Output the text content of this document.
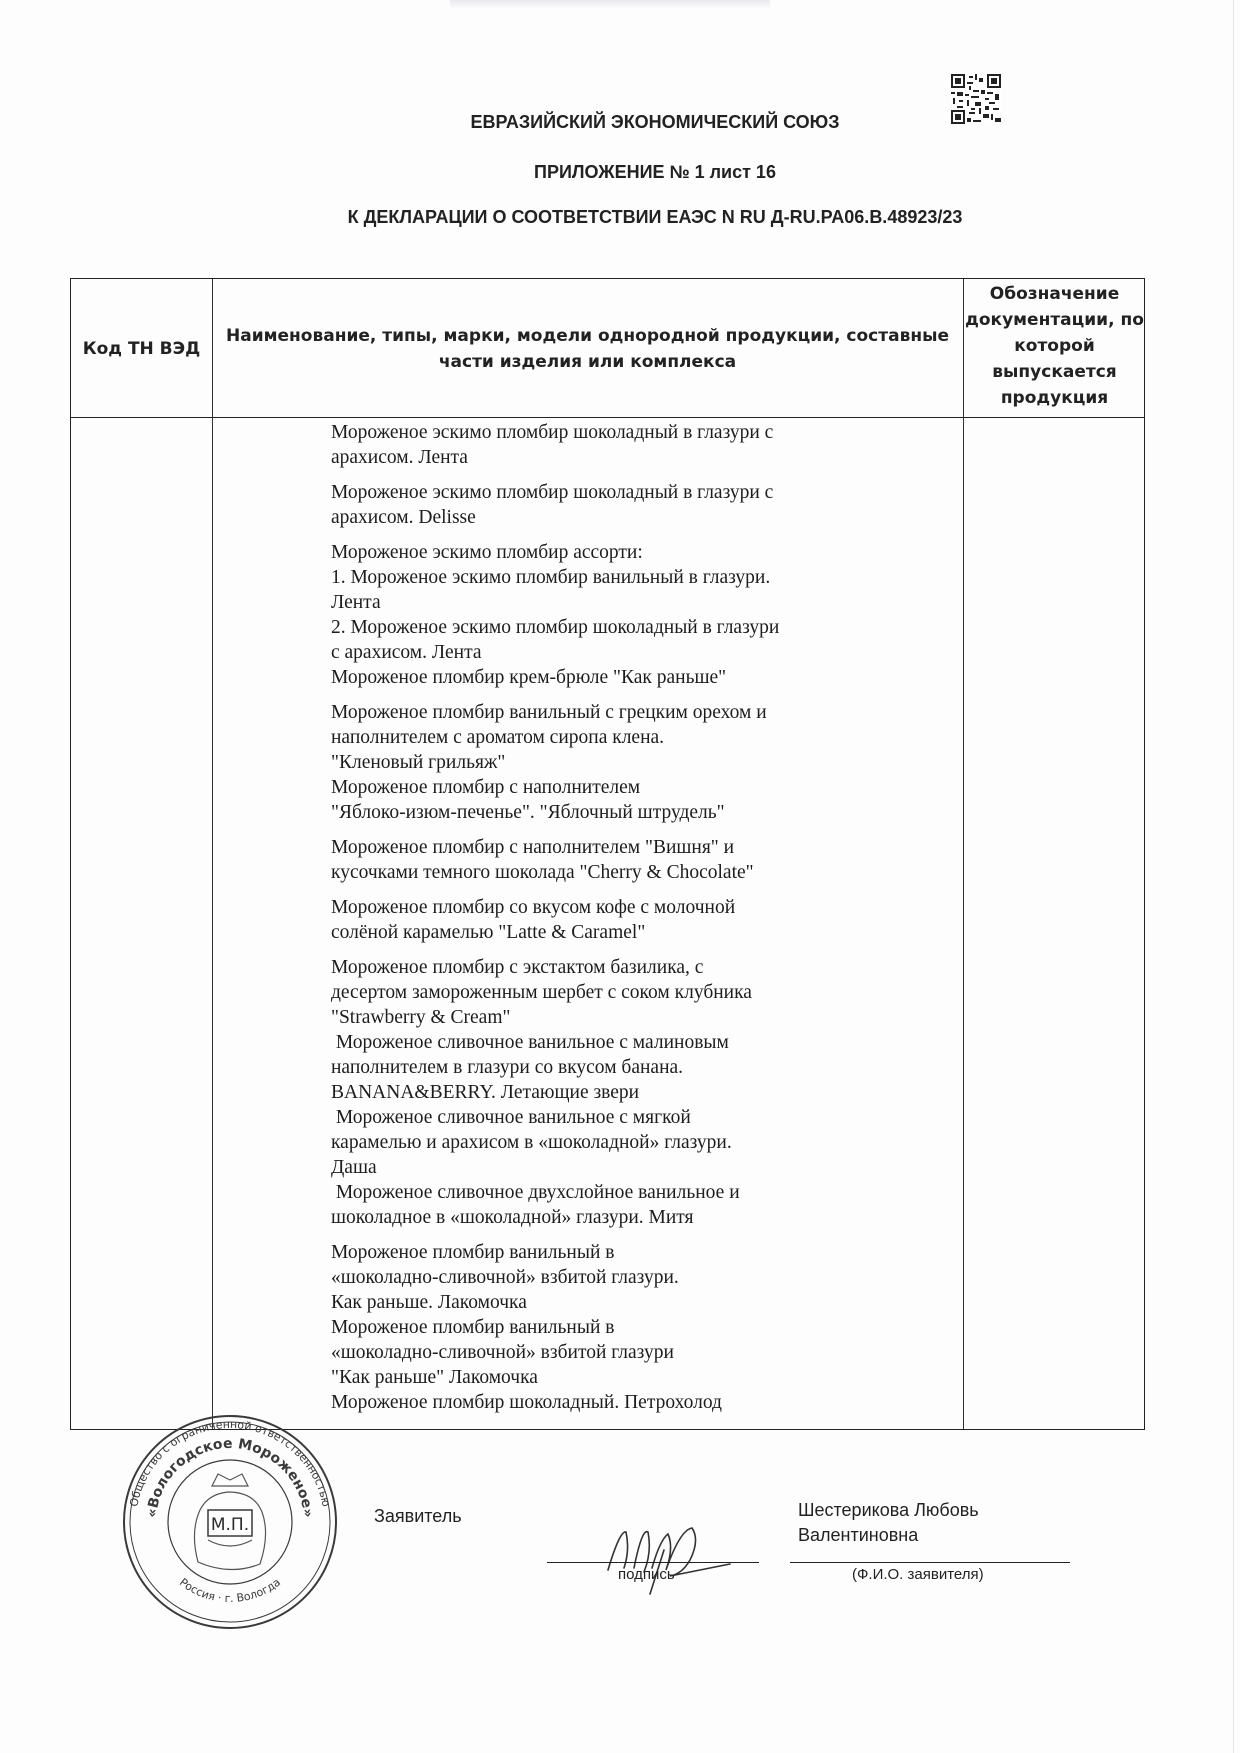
ЕВРАЗИЙСКИЙ ЭКОНОМИЧЕСКИЙ СОЮЗ
ПРИЛОЖЕНИЕ № 1 лист 16
К ДЕКЛАРАЦИИ О СООТВЕТСТВИИ ЕАЭС N RU Д-RU.PA06.B.48923/23
Код ТН ВЭД
Наименование, типы, марки, модели однородной продукции, составные части изделия или комплекса
Обозначение документации, по которой выпускается продукция
Мороженое эскимо пломбир шоколадный в глазури с
арахисом. Лента
Мороженое эскимо пломбир шоколадный в глазури с
арахисом. Delisse
Мороженое эскимо пломбир ассорти:
1. Мороженое эскимо пломбир ванильный в глазури.
Лента
2. Мороженое эскимо пломбир шоколадный в глазури
с арахисом. Лента
Мороженое пломбир крем-брюле "Как раньше"
Мороженое пломбир ванильный с грецким орехом и
наполнителем с ароматом сиропа клена.
"Кленовый грильяж"
Мороженое пломбир с наполнителем
"Яблоко-изюм-печенье". "Яблочный штрудель"
Мороженое пломбир с наполнителем "Вишня" и
кусочками темного шоколада "Cherry & Chocolate"
Мороженое пломбир со вкусом кофе с молочной
солёной карамелью "Latte & Caramel"
Мороженое пломбир с экстактом базилика, с
десертом замороженным шербет с соком клубника
"Strawberry & Cream"
Мороженое сливочное ванильное с малиновым
наполнителем в глазури со вкусом банана.
BANANA&BERRY. Летающие звери
Мороженое сливочное ванильное с мягкой
карамелью и арахисом в «шоколадной» глазури.
Даша
Мороженое сливочное двухслойное ванильное и
шоколадное в «шоколадной» глазури. Митя
Мороженое пломбир ванильный в
«шоколадно-сливочной» взбитой глазури.
Как раньше. Лакомочка
Мороженое пломбир ванильный в
«шоколадно-сливочной» взбитой глазури
"Как раньше" Лакомочка
Мороженое пломбир шоколадный. Петрохолод
Общество с ограниченной ответственностью
«Вологодское Мороженое»
Россия · г. Вологда
М.П.	Заявитель
подпись
Шестерикова Любовь
Валентиновна
(Ф.И.О. заявителя)
